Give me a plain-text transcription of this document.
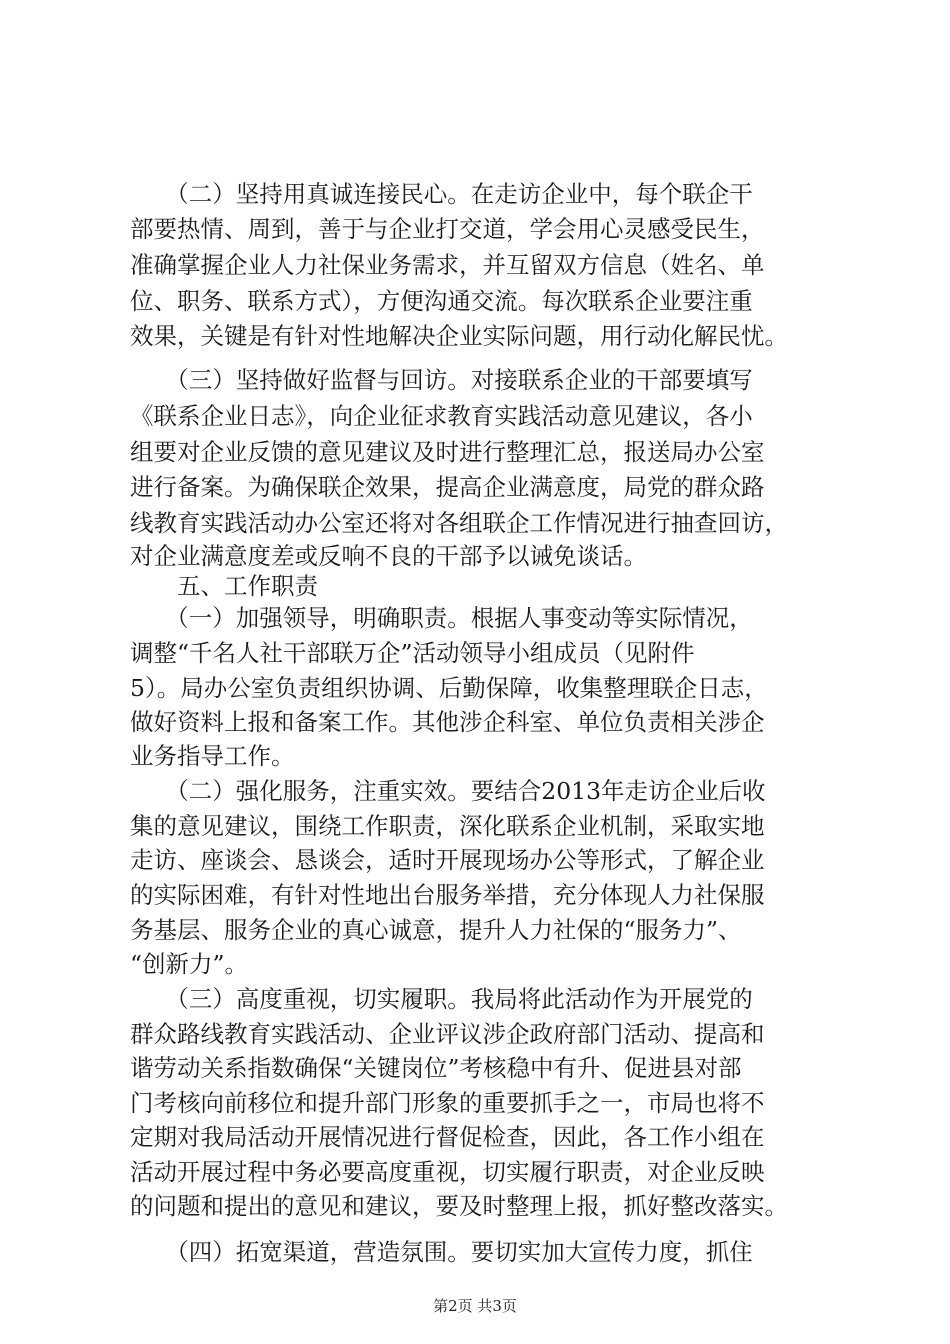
　　（二）坚持用真诚连接民心。在走访企业中，每个联企干
部要热情、周到，善于与企业打交道，学会用心灵感受民生，
准确掌握企业人力社保业务需求，并互留双方信息（姓名、单
位、职务、联系方式），方便沟通交流。每次联系企业要注重
效果，关键是有针对性地解决企业实际问题，用行动化解民忧。
　　（三）坚持做好监督与回访。对接联系企业的干部要填写
《联系企业日志》，向企业征求教育实践活动意见建议，各小
组要对企业反馈的意见建议及时进行整理汇总，报送局办公室
进行备案。为确保联企效果，提高企业满意度，局党的群众路
线教育实践活动办公室还将对各组联企工作情况进行抽查回访，
对企业满意度差或反响不良的干部予以诫免谈话。
　　五、工作职责
　　（一）加强领导，明确职责。根据人事变动等实际情况，
调整“千名人社干部联万企”活动领导小组成员（见附件
5）。局办公室负责组织协调、后勤保障，收集整理联企日志，
做好资料上报和备案工作。其他涉企科室、单位负责相关涉企
业务指导工作。
　　（二）强化服务，注重实效。要结合2013年走访企业后收
集的意见建议，围绕工作职责，深化联系企业机制，采取实地
走访、座谈会、恳谈会，适时开展现场办公等形式，了解企业
的实际困难，有针对性地出台服务举措，充分体现人力社保服
务基层、服务企业的真心诚意，提升人力社保的“服务力”、
“创新力”。
　　（三）高度重视，切实履职。我局将此活动作为开展党的
群众路线教育实践活动、企业评议涉企政府部门活动、提高和
谐劳动关系指数确保“关键岗位”考核稳中有升、促进县对部
门考核向前移位和提升部门形象的重要抓手之一，市局也将不
定期对我局活动开展情况进行督促检查，因此，各工作小组在
活动开展过程中务必要高度重视，切实履行职责，对企业反映
的问题和提出的意见和建议，要及时整理上报，抓好整改落实。
　　（四）拓宽渠道，营造氛围。要切实加大宣传力度，抓住
第2页 共3页
